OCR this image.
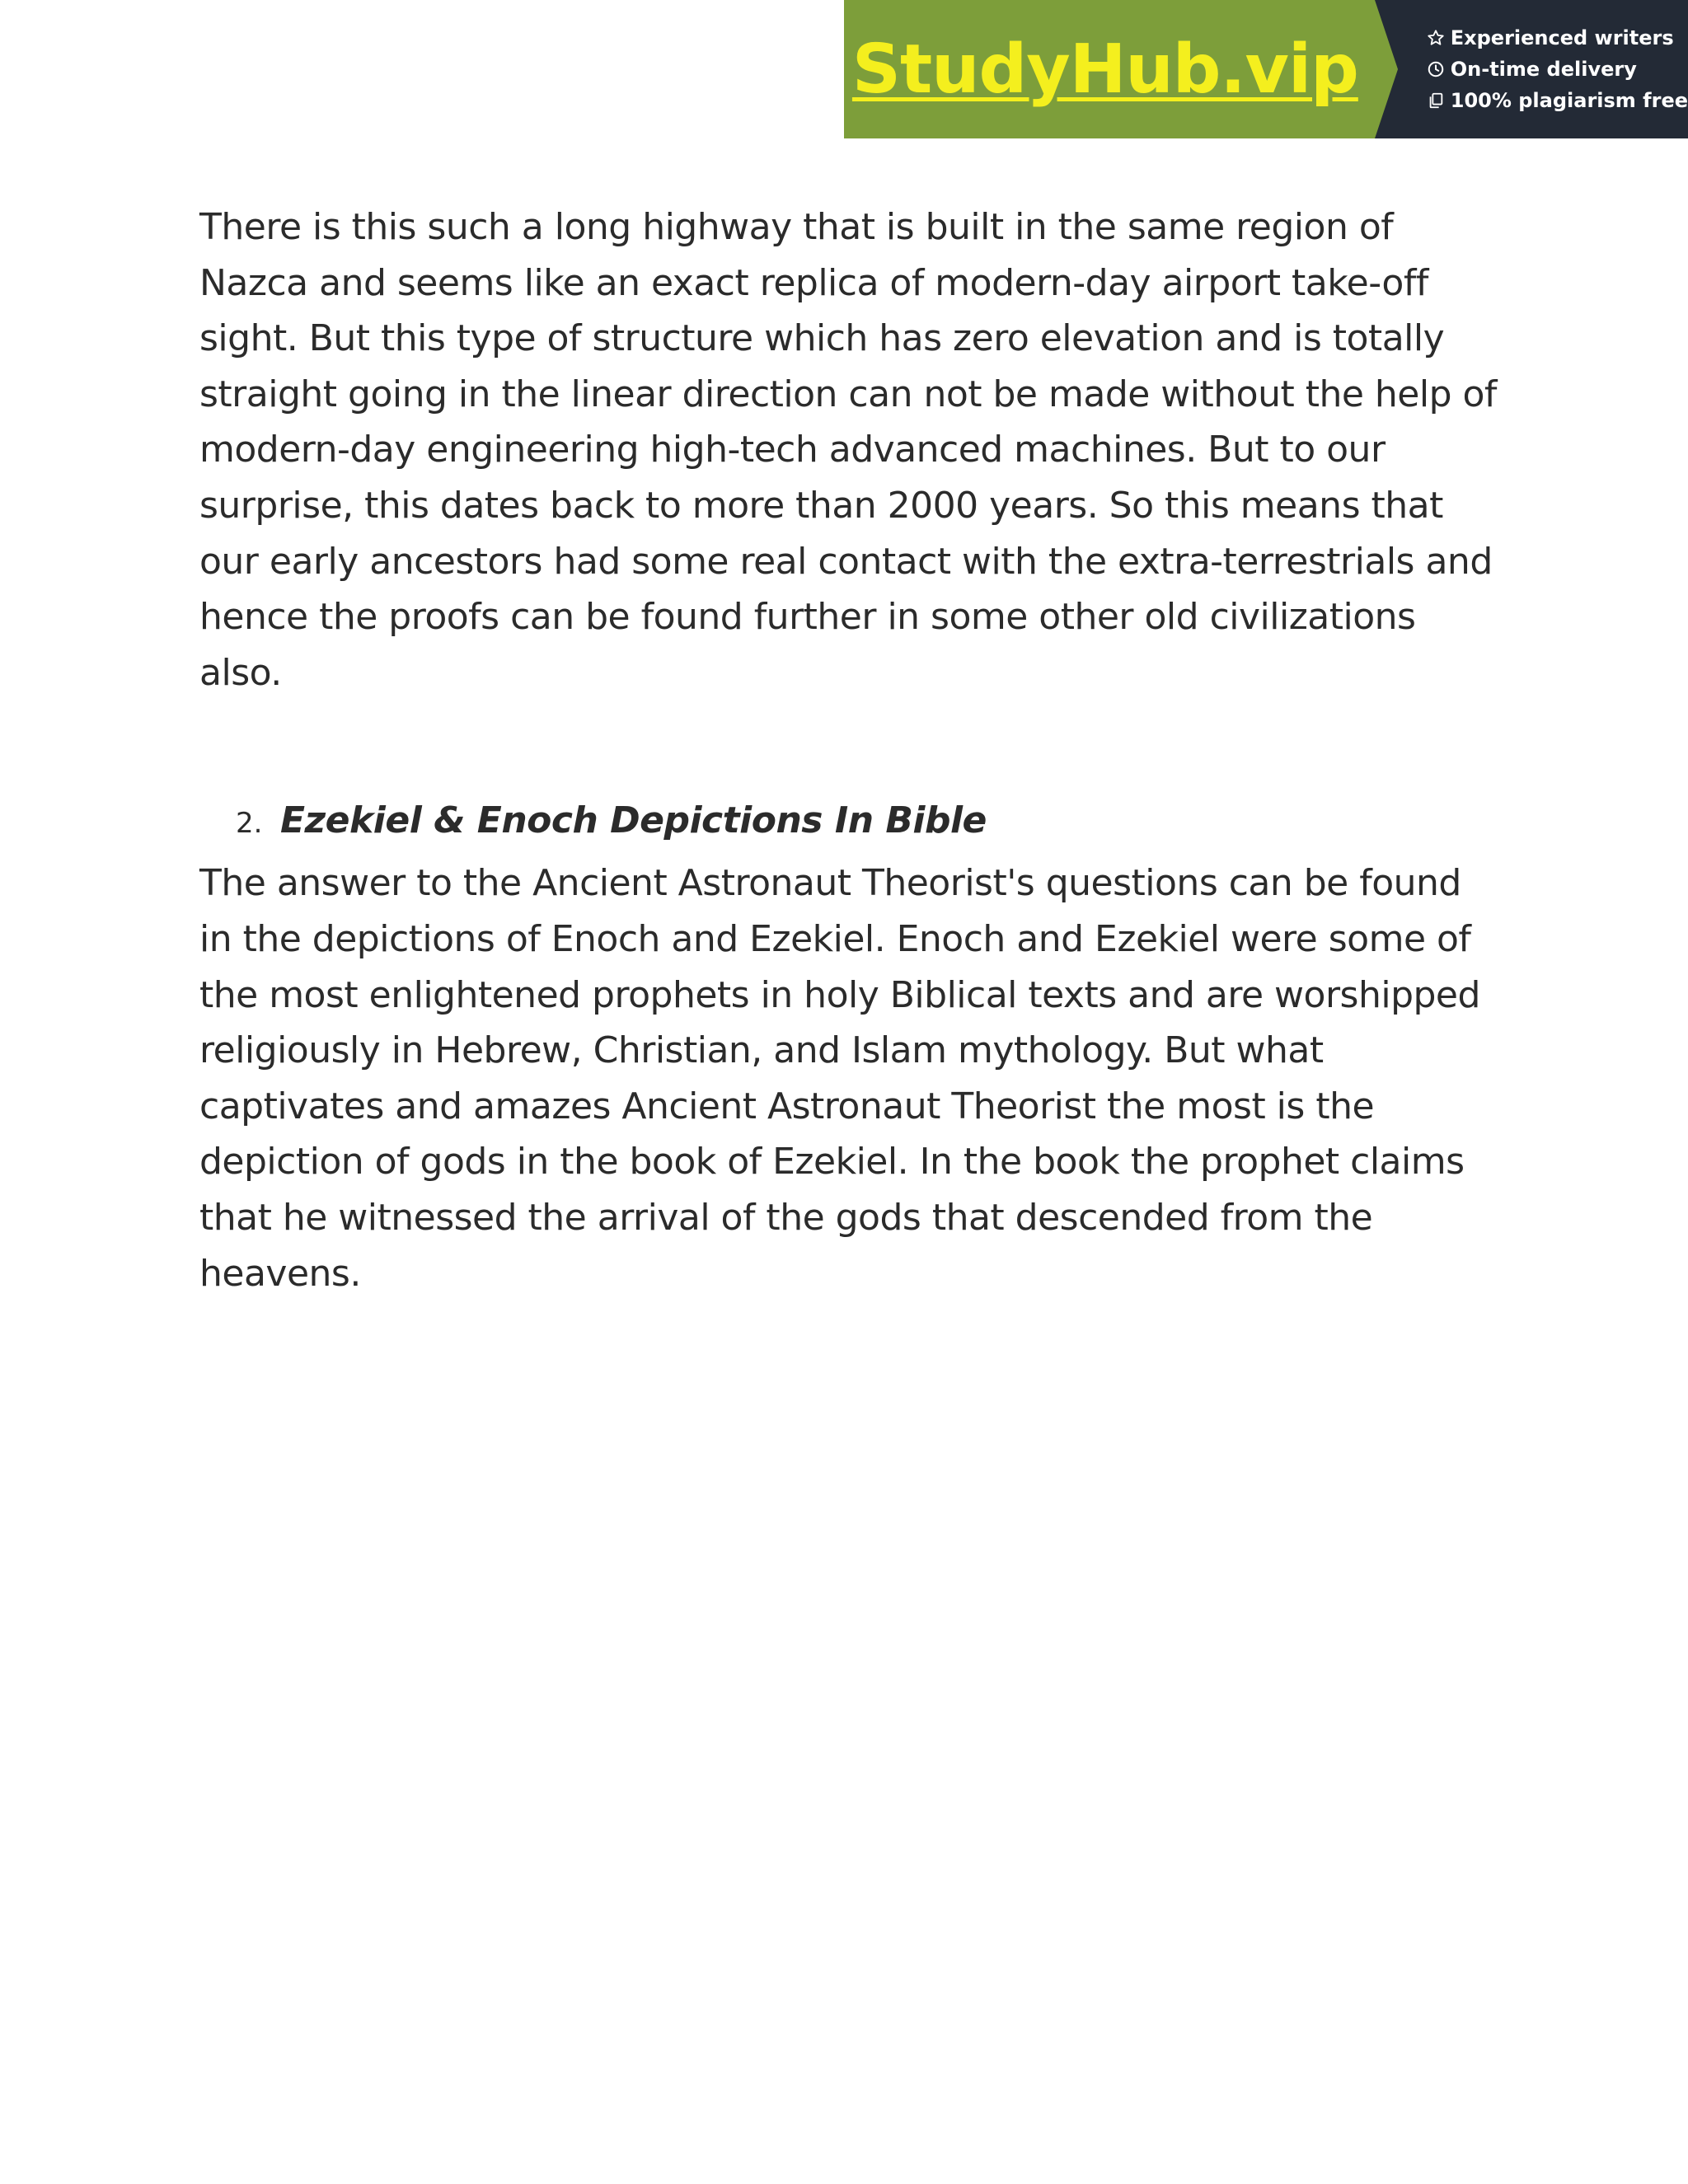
StudyHub.vip	Experienced writers
On-time delivery
100% plagiarism free

There is this such a long highway that is built in the same region of Nazca and seems like an exact replica of modern-day airport take-off sight. But this type of structure which has zero elevation and is totally straight going in the linear direction can not be made without the help of modern-day engineering high-tech advanced machines. But to our surprise, this dates back to more than 2000 years. So this means that our early ancestors had some real contact with the extra-terrestrials and hence the proofs can be found further in some other old civilizations also.

2. Ezekiel & Enoch Depictions In Bible

The answer to the Ancient Astronaut Theorist's questions can be found in the depictions of Enoch and Ezekiel. Enoch and Ezekiel were some of the most enlightened prophets in holy Biblical texts and are worshipped religiously in Hebrew, Christian, and Islam mythology. But what captivates and amazes Ancient Astronaut Theorist the most is the depiction of gods in the book of Ezekiel. In the book the prophet claims that he witnessed the arrival of the gods that descended from the heavens.
